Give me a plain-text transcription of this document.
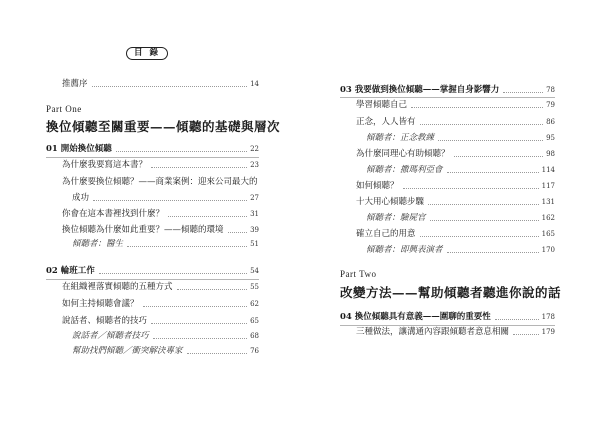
目 錄
推薦序	14
Part One
換位傾聽至關重要——傾聽的基礎與層次
01 開始換位傾聽	22
為什麼我要寫這本書？	23
為什麼要換位傾聽？——商業案例：迎來公司最大的
成功	27
你會在這本書裡找到什麼？	31
換位傾聽為什麼如此重要？——傾聽的環境	39
傾聽者：醫生	51
02 輪班工作	54
在組織裡落實傾聽的五種方式	55
如何主持傾聽會議？	62
說話者、傾聽者的技巧	65
說話者／傾聽者技巧	68
幫助找們傾聽／衝突解決專家	76
03 我要做到換位傾聽——掌握自身影響力	78
學習傾聽自己	79
正念，人人皆有	86
傾聽者：正念教練	95
為什麼同理心有助傾聽？	98
傾聽者：撒瑪利亞會	114
如何傾聽？	117
十大用心傾聽步驟	131
傾聽者：驗屍官	162
確立自己的用意	165
傾聽者：即興表演者	170
Part Two
改變方法——幫助傾聽者聽進你說的話
04 換位傾聽具有意義——圍聊的重要性	178
三種做法，讓溝通內容跟傾聽者意息相關	179
